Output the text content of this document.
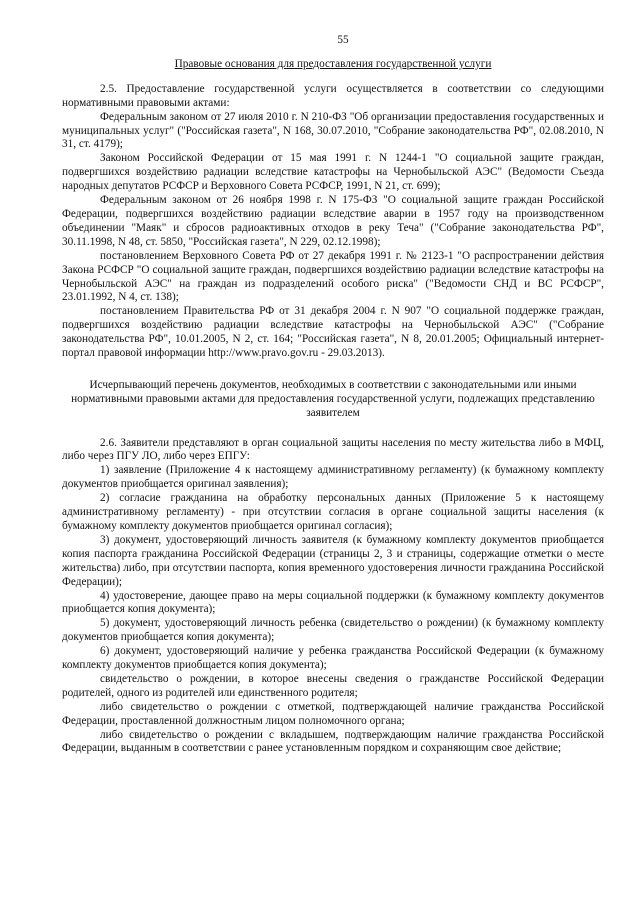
55
Правовые основания для предоставления государственной услуги

2.5. Предоставление государственной услуги осуществляется в соответствии со следующими нормативными правовыми актами:

Федеральным законом от 27 июля 2010 г. N 210-ФЗ "Об организации предоставления государственных и муниципальных услуг" ("Российская газета", N 168, 30.07.2010, "Собрание законодательства РФ", 02.08.2010, N 31, ст. 4179);

Законом Российской Федерации от 15 мая 1991 г. N 1244-1 "О социальной защите граждан, подвергшихся воздействию радиации вследствие катастрофы на Чернобыльской АЭС" (Ведомости Съезда народных депутатов РСФСР и Верховного Совета РСФСР, 1991, N 21, ст. 699);

Федеральным законом от 26 ноября 1998 г. N 175-ФЗ "О социальной защите граждан Российской Федерации, подвергшихся воздействию радиации вследствие аварии в 1957 году на производственном объединении "Маяк" и сбросов радиоактивных отходов в реку Теча" ("Собрание законодательства РФ", 30.11.1998, N 48, ст. 5850, "Российская газета", N 229, 02.12.1998);

постановлением Верховного Совета РФ от 27 декабря 1991 г. № 2123-1 "О распространении действия Закона РСФСР "О социальной защите граждан, подвергшихся воздействию радиации вследствие катастрофы на Чернобыльской АЭС" на граждан из подразделений особого риска" ("Ведомости СНД и ВС РСФСР", 23.01.1992, N 4, ст. 138);

постановлением Правительства РФ от 31 декабря 2004 г. N 907 "О социальной поддержке граждан, подвергшихся воздействию радиации вследствие катастрофы на Чернобыльской АЭС" ("Собрание законодательства РФ", 10.01.2005, N 2, ст. 164; "Российская газета", N 8, 20.01.2005; Официальный интернет-портал правовой информации http://www.pravo.gov.ru - 29.03.2013).

Исчерпывающий перечень документов, необходимых в соответствии с законодательными или иными нормативными правовыми актами для предоставления государственной услуги, подлежащих представлению заявителем

2.6. Заявители представляют в орган социальной защиты населения по месту жительства либо в МФЦ, либо через ПГУ ЛО, либо через ЕПГУ:

1) заявление (Приложение 4 к настоящему административному регламенту) (к бумажному комплекту документов приобщается оригинал заявления);

2) согласие гражданина на обработку персональных данных (Приложение 5 к настоящему административному регламенту) - при отсутствии согласия в органе социальной защиты населения (к бумажному комплекту документов приобщается оригинал согласия);

3) документ, удостоверяющий личность заявителя (к бумажному комплекту документов приобщается копия паспорта гражданина Российской Федерации (страницы 2, 3 и страницы, содержащие отметки о месте жительства) либо, при отсутствии паспорта, копия временного удостоверения личности гражданина Российской Федерации);

4) удостоверение, дающее право на меры социальной поддержки (к бумажному комплекту документов приобщается копия документа);

5) документ, удостоверяющий личность ребенка (свидетельство о рождении) (к бумажному комплекту документов приобщается копия документа);

6) документ, удостоверяющий наличие у ребенка гражданства Российской Федерации (к бумажному комплекту документов приобщается копия документа);

свидетельство о рождении, в которое внесены сведения о гражданстве Российской Федерации родителей, одного из родителей или единственного родителя;

либо свидетельство о рождении с отметкой, подтверждающей наличие гражданства Российской Федерации, проставленной должностным лицом полномочного органа;

либо свидетельство о рождении с вкладышем, подтверждающим наличие гражданства Российской Федерации, выданным в соответствии с ранее установленным порядком и сохраняющим свое действие;
